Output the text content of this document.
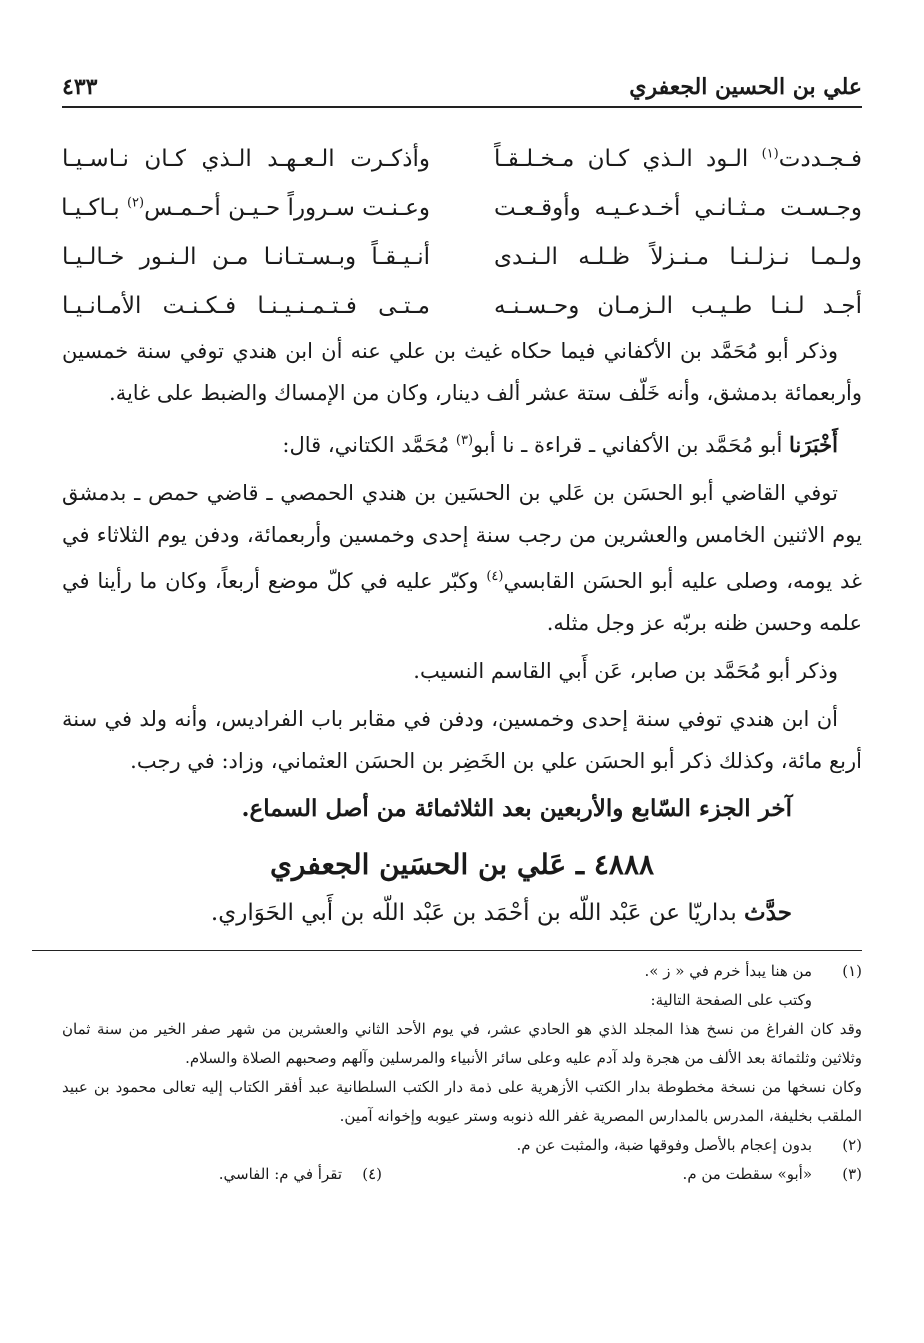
علي بن الحسين الجعفري
٤٣٣
فـجـددت$^{(١)}$ الـود الـذي كـان مـخـلـقـاً
وأذكـرت الـعـهـد الـذي كـان نـاسـيـا
وجـسـت مـثـانـي أخـدعـيـه وأوقـعـت
وعـنـت سـروراً حـيـن أحـمـس$^{(٢)}$ بـاكـيـا
ولـمـا نـزلـنـا مـنـزلاً ظـلـه الـنـدى
أنـيـقـاً وبـسـتـانـا مـن الـنـور خـالـيـا
أجـد لـنـا طـيـب الـزمـان وحـسـنـه
مـتـى فـتـمـنـيـنـا فـكـنـت الأمـانـيـا

وذكر أبو مُحَمَّد بن الأكفاني فيما حكاه غيث بن علي عنه أن ابن هندي توفي سنة خمسين وأربعمائة بدمشق، وأنه خَلّف ستة عشر ألف دينار، وكان من الإمساك والضبط على غاية.

أَخْبَرَنا أبو مُحَمَّد بن الأكفاني ـ قراءة ـ نا أبو$^{(٣)}$ مُحَمَّد الكتاني، قال:

توفي القاضي أبو الحسَن بن عَلي بن الحسَين بن هندي الحمصي ـ قاضي حمص ـ بدمشق يوم الاثنين الخامس والعشرين من رجب سنة إحدى وخمسين وأربعمائة، ودفن يوم الثلاثاء في غد يومه، وصلى عليه أبو الحسَن القابسي$^{(٤)}$ وكبّر عليه في كلّ موضع أربعاً، وكان ما رأينا في علمه وحسن ظنه بربّه عز وجل مثله.

وذكر أبو مُحَمَّد بن صابر، عَن أَبي القاسم النسيب.

أن ابن هندي توفي سنة إحدى وخمسين، ودفن في مقابر باب الفراديس، وأنه ولد في سنة أربع مائة، وكذلك ذكر أبو الحسَن علي بن الخَضِر بن الحسَن العثماني، وزاد: في رجب.

آخر الجزء السّابع والأربعين بعد الثلاثمائة من أصل السماع.
٤٨٨٨ ـ عَلي بن الحسَين الجعفري
حدَّث بداريّا عن عَبْد اللّه بن أحْمَد بن عَبْد اللّه بن أَبي الحَوَاري.
(١)
من هنا يبدأ خرم في « ز ».
وكتب على الصفحة التالية:
وقد كان الفراغ من نسخ هذا المجلد الذي هو الحادي عشر، في يوم الأحد الثاني والعشرين من شهر صفر الخير من سنة ثمان وثلاثين وثلثمائة بعد الألف من هجرة ولد آدم عليه وعلى سائر الأنبياء والمرسلين وآلهم وصحبهم الصلاة والسلام.
وكان نسخها من نسخة مخطوطة بدار الكتب الأزهرية على ذمة دار الكتب السلطانية عبد أفقر الكتاب إليه تعالى محمود بن عبيد الملقب بخليفة، المدرس بالمدارس المصرية غفر الله ذنوبه وستر عيوبه وإخوانه آمين.
(٢)
بدون إعجام بالأصل وفوقها ضبة، والمثبت عن م.
(٣)
«أبو» سقطت من م.
(٤)
تقرأ في م: الفاسي.
